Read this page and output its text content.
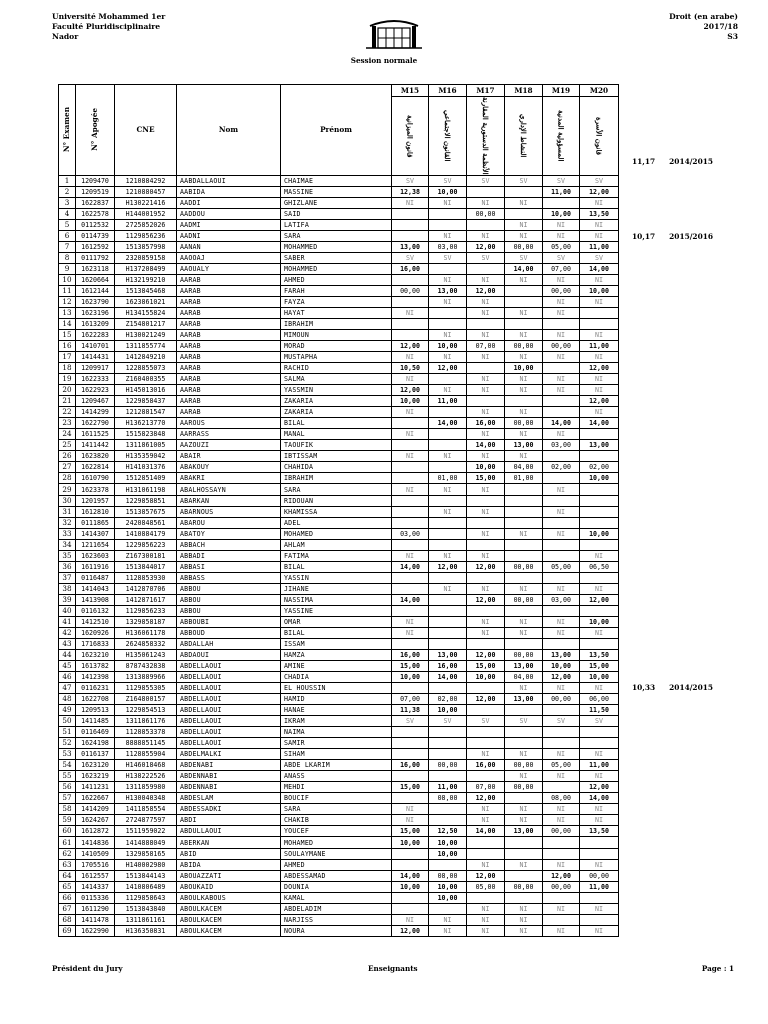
Université Mohammed 1er
Faculté Pluridisciplinaire
Nador
Droit (en arabe)
2017/18
S3
Session normale
N° Examen	N° Apogée	CNE	Nom	Prénom	M15	M16	M17	M18	M19	M20

					قانون الميزانية	القانون الاجتماعي	الأنظمة الدستورية المقارنة	النشاط الإداري	المسؤولية المدنية	قانون الأسرة

1	1209470	1210884292	AABDALLAOUI	CHAIMAE	SV	SV	SV	SV	SV	SV
2	1209519	1210880457	AABIDA	MASSINE	12,38	10,00			11,00	12,00
3	1622837	H130221416	AADDI	GHIZLANE	NI	NI	NI	NI		NI
4	1622578	H144001952	AADDOU	SAID			00,00		10,00	13,50
5	0112532	2725852026	AADMI	LATIFA				NI	NI	NI
6	0114739	1129856236	AADNI	SARA		NI	NI	NI	NI	NI
7	1612592	1513857998	AANAN	MOHAMMED	13,00	03,00	12,00	00,00	05,00	11,00
8	0111792	2320859158	AAOOAJ	SABER	SV	SV	SV	SV	SV	SV
9	1623118	H137208499	AAOUALY	MOHAMMED	16,00			14,00	07,00	14,00
10	1620664	H132199210	AARAB	AHMED		NI	NI	NI	NI	NI
11	1612144	1513845468	AARAB	FARAH	00,00	13,00	12,00		00,00	10,00
12	1623790	1623861021	AARAB	FAYZA		NI	NI		NI	NI
13	1623196	H134155824	AARAB	HAYAT	NI		NI	NI	NI	
14	1613209	Z154801217	AARAB	IBRAHIM						
15	1622283	H130021249	AARAB	MIMOUN		NI	NI	NI	NI	NI
16	1410701	1311855774	AARAB	MORAD	12,00	10,00	07,00	00,00	00,00	11,00
17	1414431	1412849210	AARAB	MUSTAPHA	NI	NI	NI	NI	NI	NI
18	1209917	1228855073	AARAB	RACHID	10,50	12,00		10,00		12,00
19	1622333	Z160400355	AARAB	SALMA	NI		NI	NI	NI	NI
20	1622923	H145013016	AARAB	YASSMIN	12,00	NI	NI	NI	NI	NI
21	1209467	1229858437	AARAB	ZAKARIA	10,00	11,00				12,00
22	1414299	1212881547	AARAB	ZAKARIA	NI		NI	NI		NI
23	1622790	H136213770	AAROUS	BILAL		14,00	16,00	00,00	14,00	14,00
24	1611525	1515823848	AARRASS	MANAL	NI		NI	NI	NI	
25	1411442	1311861005	AAZOUZI	TAOUFIK			14,00	13,00	03,00	13,00
26	1623820	H135359042	ABAIR	IBTISSAM	NI	NI	NI	NI		
27	1622814	H141031376	ABAKOUY	CHAHIDA			10,00	04,00	02,00	02,00
28	1610790	1512851409	ABAKRI	IBRAHIM		01,00	15,00	01,00		10,00
29	1623378	H131061198	ABALHOSSAYN	SARA	NI	NI	NI		NI	
30	1201957	1229858851	ABARKAN	RIDOUAN						
31	1612810	1513857675	ABARNOUS	KHAMISSA		NI	NI		NI	
32	0111865	2420848561	ABAROU	ADEL						
33	1414307	1410884179	ABATOY	MOHAMED	03,00		NI	NI	NI	10,00
34	1211654	1229856223	ABBACH	AHLAM						
35	1623603	Z167300181	ABBADI	FATIMA	NI	NI	NI			NI
36	1611916	1513844017	ABBASI	BILAL	14,00	12,00	12,00	00,00	05,00	06,50
37	0116487	1128853930	ABBASS	YASSIN						
38	1414043	1412870706	ABBOU	JIHANE		NI	NI	NI	NI	NI
39	1413908	1412871617	ABBOU	NASSIMA	14,00		12,00	00,00	03,00	12,00
40	0116132	1129856233	ABBOU	YASSINE						
41	1412510	1329858187	ABBOUBI	OMAR	NI		NI	NI	NI	10,00
42	1620926	H136061178	ABBOUD	BILAL	NI		NI	NI	NI	NI
43	1716833	2624858332	ABDALLAH	ISSAM						
44	1623210	H135061243	ABDAOUI	HAMZA	16,00	13,00	12,00	00,00	13,00	13,50
45	1613782	8787432838	ABDELLAOUI	AMINE	15,00	16,00	15,00	13,00	10,00	15,00
46	1412398	1313889966	ABDELLAOUI	CHADIA	10,00	14,00	10,00	04,00	12,00	10,00
47	0116231	1129855305	ABDELLAOUI	EL HOUSSIN				NI	NI	NI
48	1622708	Z164800157	ABDELLAOUI	HAMID	07,00	02,00	12,00	13,00	00,00	06,00
49	1209513	1229854513	ABDELLAOUI	HANAE	11,38	10,00				11,50
50	1411485	1311861176	ABDELLAOUI	IKRAM	SV	SV	SV	SV	SV	SV
51	0116469	1128853378	ABDELLAOUI	NAIMA						
52	1624198	8888851145	ABDELLAOUI	SAMIR						
53	0116137	1128855904	ABDELMALKI	SIHAM			NI	NI	NI	NI
54	1623120	H146018468	ABDENABI	ABDE LKARIM	16,00	00,00	16,00	00,00	05,00	11,00
55	1623219	H138222526	ABDENNABI	ANASS				NI	NI	NI
56	1411231	1311859980	ABDENNABI	MEHDI	15,00	11,00	07,00	00,00		12,00
57	1622667	H130040348	ABDESLAM	BOUCIF		08,00	12,00		08,00	14,00
58	1414209	1411858554	ABDESSADKI	SARA	NI		NI	NI	NI	NI
59	1624267	2724877597	ABDI	CHAKIB	NI		NI	NI	NI	NI
60	1612872	1511959022	ABDULLAOUI	YOUCEF	15,00	12,50	14,00	13,00	00,00	13,50
61	1414836	1414888049	ABERKAN	MOHAMED	10,00	10,00				
62	1410509	1329858165	ABID	SOULAYMANE		10,00				
63	1705516	H140002980	ABIDA	AHMED			NI	NI	NI	NI
64	1612557	1513844143	ABOUAZZATI	ABDESSAMAD	14,00	08,00	12,00		12,00	00,00
65	1414337	1410806489	ABOUKAID	DOUNIA	10,00	10,00	05,00	00,00	00,00	11,00
66	0115336	1129858643	ABOULKABOUS	KAMAL		10,00				
67	1611290	1513843840	ABOULKACEM	ABDELADIM			NI	NI	NI	NI
68	1411478	1311861161	ABOULKACEM	NARJISS	NI	NI	NI	NI		
69	1622990	H136350831	ABOULKACEM	NOURA	12,00	NI	NI	NI	NI	NI
11,17 2014/2015
10,17 2015/2016
10,33 2014/2015
Président du Jury	Enseignants	Page : 1
